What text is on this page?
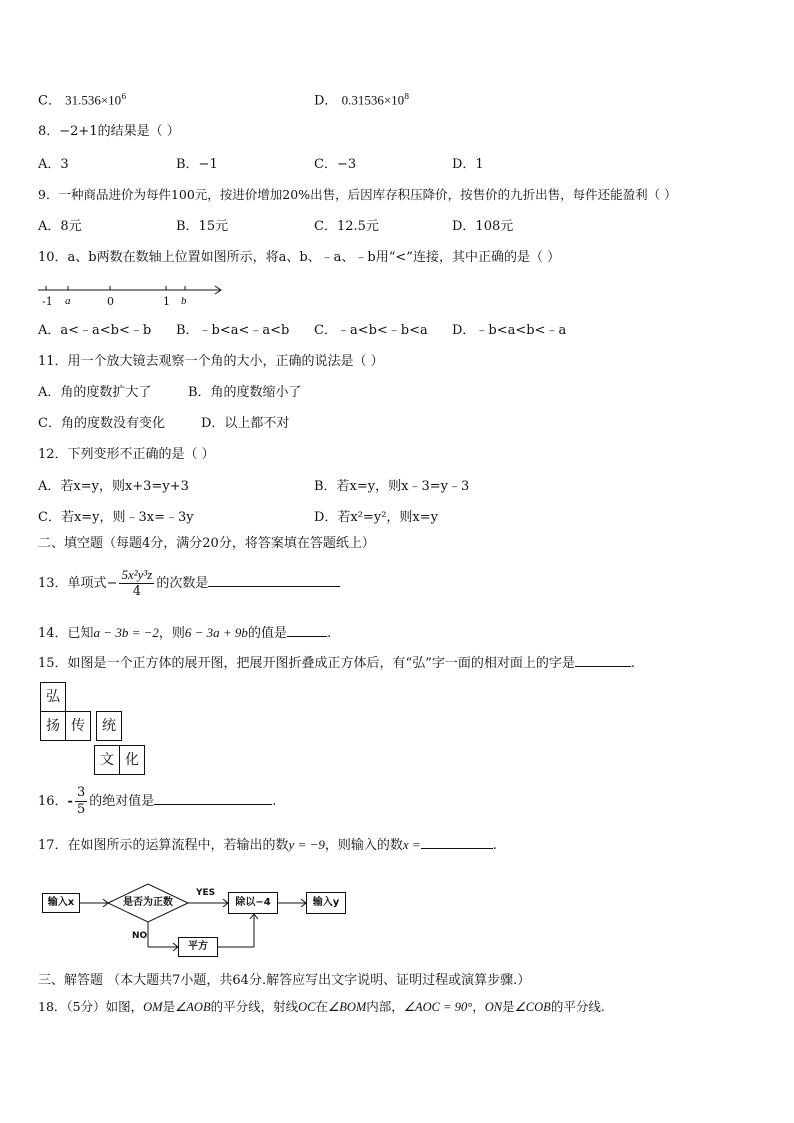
C． $31.536\times 10^6$	D． $0.31536\times 10^8$
8．−2+1的结果是（ ）
A．3	B．−1	C．−3	D．1
9．一种商品进价为每件100元，按进价增加20%出售，后因库存积压降价，按售价的九折出售，每件还能盈利（ ）
A．8元	B．15元	C．12.5元	D．108元
10．a、b两数在数轴上位置如图所示，将a、b、﹣a、﹣b用“<”连接，其中正确的是（ ）
-1 a	0	1 b
A．a<﹣a<b<﹣b B．﹣b<a<﹣a<b C．﹣a<b<﹣b<a D．﹣b<a<b<﹣a
11．用一个放大镜去观察一个角的大小，正确的说法是（ ）
A．角的度数扩大了	B．角的度数缩小了
C．角的度数没有变化	D．以上都不对
12．下列变形不正确的是（ ）
A．若x=y，则x+3=y+3	B．若x=y，则x﹣3=y﹣3
C．若x=y，则﹣3x=﹣3y	D．若x²=y²，则x=y
二、填空题（每题4分，满分20分，将答案填在答题纸上）
13．单项式− $\frac{\text{5x²y³z}}{4}$ 的次数是
14．已知a − 3b = −2，则6 − 3a + 9b的值是	.
15．如图是一个正方体的展开图，把展开图折叠成正方体后，有“弘”字一面的相对面上的字是	.
弘
扬 传	统
文 化
16．- $\frac{3}{5}$ 的绝对值是	.
17．在如图所示的运算流程中，若输出的数y = −9，则输入的数x =	.
输入x	是否为正数
YES
NO
除以−4	输入y
平方
三、解答题 （本大题共7小题，共64分.解答应写出文字说明、证明过程或演算步骤.）
18．（5分）如图，OM是∠AOB的平分线，射线OC在∠BOM内部，∠AOC = 90°，ON是∠COB的平分线.
